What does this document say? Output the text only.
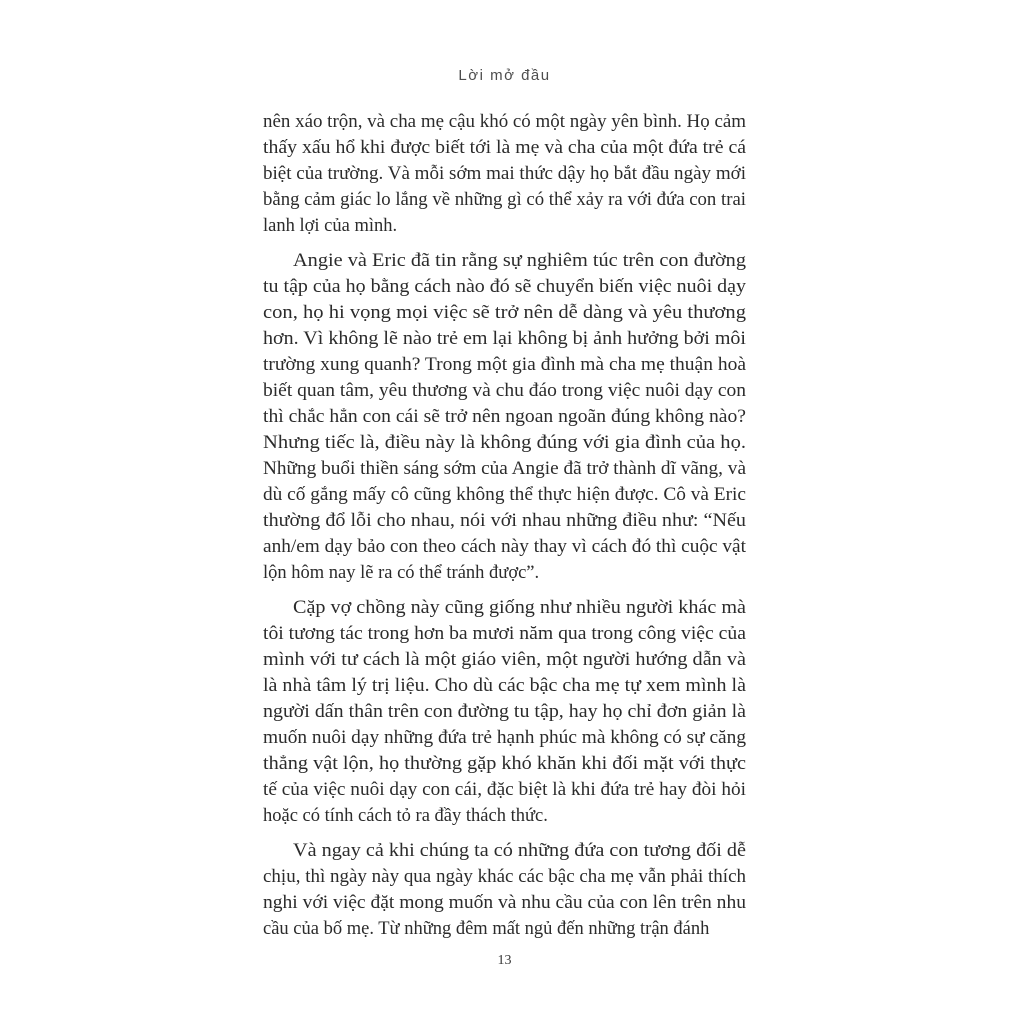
Lời mở đầu
nên xáo trộn, và cha mẹ cậu khó có một ngày yên bình. Họ cảm
thấy xấu hổ khi được biết tới là mẹ và cha của một đứa trẻ cá
biệt của trường. Và mỗi sớm mai thức dậy họ bắt đầu ngày mới
bằng cảm giác lo lắng về những gì có thể xảy ra với đứa con trai
lanh lợi của mình.
Angie và Eric đã tin rằng sự nghiêm túc trên con đường
tu tập của họ bằng cách nào đó sẽ chuyển biến việc nuôi dạy
con, họ hi vọng mọi việc sẽ trở nên dễ dàng và yêu thương
hơn. Vì không lẽ nào trẻ em lại không bị ảnh hưởng bởi môi
trường xung quanh? Trong một gia đình mà cha mẹ thuận hoà
biết quan tâm, yêu thương và chu đáo trong việc nuôi dạy con
thì chắc hẳn con cái sẽ trở nên ngoan ngoãn đúng không nào?
Nhưng tiếc là, điều này là không đúng với gia đình của họ.
Những buổi thiền sáng sớm của Angie đã trở thành dĩ vãng, và
dù cố gắng mấy cô cũng không thể thực hiện được. Cô và Eric
thường đổ lỗi cho nhau, nói với nhau những điều như: “Nếu
anh/em dạy bảo con theo cách này thay vì cách đó thì cuộc vật
lộn hôm nay lẽ ra có thể tránh được”.
Cặp vợ chồng này cũng giống như nhiều người khác mà
tôi tương tác trong hơn ba mươi năm qua trong công việc của
mình với tư cách là một giáo viên, một người hướng dẫn và
là nhà tâm lý trị liệu. Cho dù các bậc cha mẹ tự xem mình là
người dấn thân trên con đường tu tập, hay họ chỉ đơn giản là
muốn nuôi dạy những đứa trẻ hạnh phúc mà không có sự căng
thẳng vật lộn, họ thường gặp khó khăn khi đối mặt với thực
tế của việc nuôi dạy con cái, đặc biệt là khi đứa trẻ hay đòi hỏi
hoặc có tính cách tỏ ra đầy thách thức.
Và ngay cả khi chúng ta có những đứa con tương đối dễ
chịu, thì ngày này qua ngày khác các bậc cha mẹ vẫn phải thích
nghi với việc đặt mong muốn và nhu cầu của con lên trên nhu
cầu của bố mẹ. Từ những đêm mất ngủ đến những trận đánh
13
